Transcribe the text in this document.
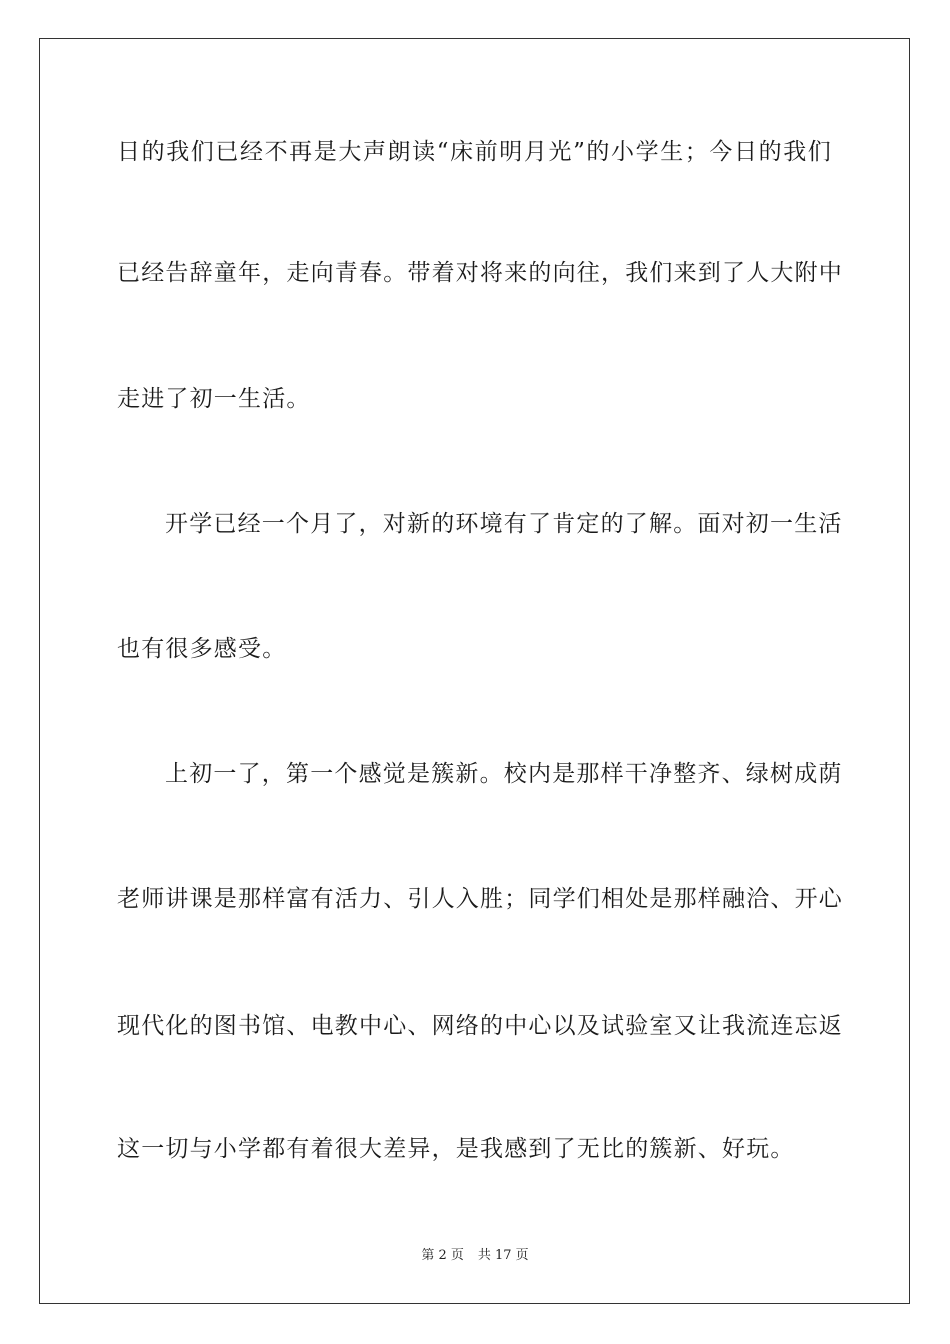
日的我们已经不再是大声朗读“床前明月光”的小学生；今日的我们
已经告辞童年，走向青春。带着对将来的向往，我们来到了人大附中
走进了初一生活。
开学已经一个月了，对新的环境有了肯定的了解。面对初一生活
也有很多感受。
上初一了，第一个感觉是簇新。校内是那样干净整齐、绿树成荫
老师讲课是那样富有活力、引人入胜；同学们相处是那样融洽、开心
现代化的图书馆、电教中心、网络的中心以及试验室又让我流连忘返
这一切与小学都有着很大差异，是我感到了无比的簇新、好玩。
第 2 页 共 17 页
